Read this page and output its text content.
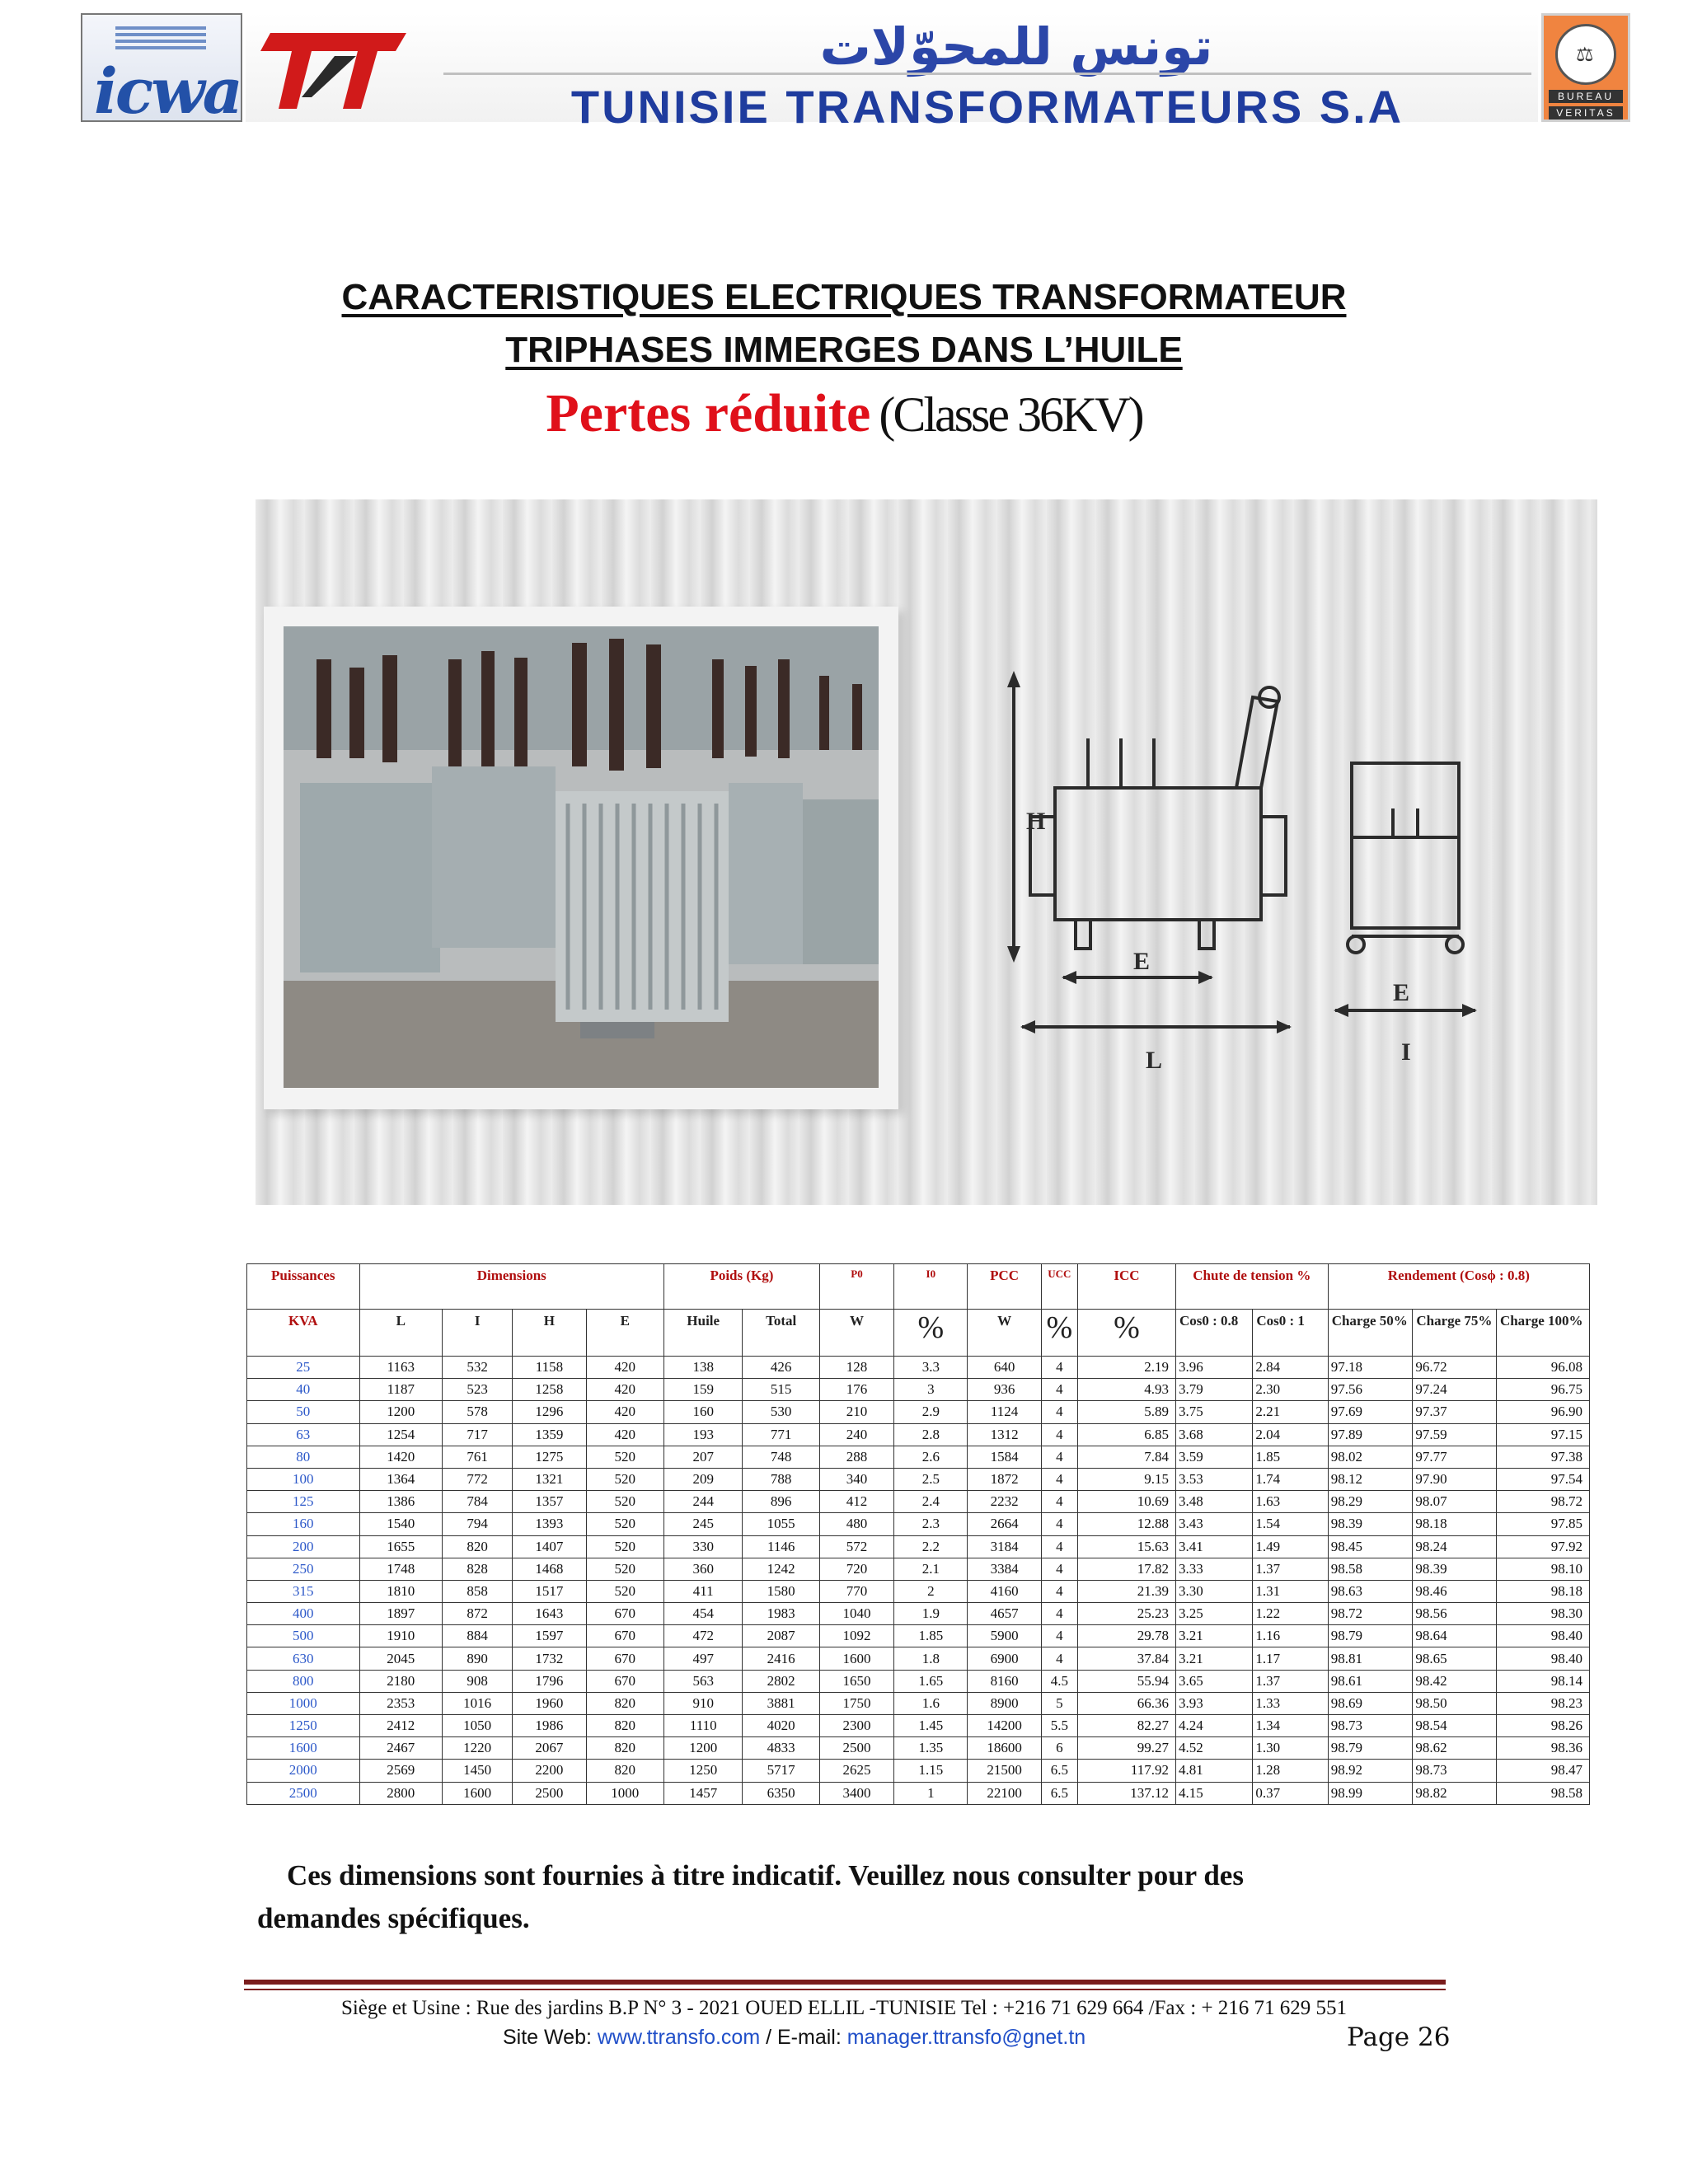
icwa
تونس للمحوّلات
TUNISIE TRANSFORMATEURS S.A
⚖
BUREAU
VERITAS
CARACTERISTIQUES ELECTRIQUES TRANSFORMATEUR
TRIPHASES IMMERGES DANS L’HUILE
Pertes réduite (Classe 36KV)
H
E
L
E
I
Puissances	Dimensions				Poids (Kg)		P0	I0	PCC	UCC	ICC	Chute de tension %		Rendement (Cosϕ : 0.8)		
KVA	L	I	H	E	Huile	Total	W	%	W	%	%	Cos0 : 0.8	Cos0 : 1	Charge 50%	Charge 75%	Charge 100%
25	1163	532	1158	420	138	426	128	3.3	640	4	2.19	3.96	2.84	97.18	96.72	96.08
40	1187	523	1258	420	159	515	176	3	936	4	4.93	3.79	2.30	97.56	97.24	96.75
50	1200	578	1296	420	160	530	210	2.9	1124	4	5.89	3.75	2.21	97.69	97.37	96.90
63	1254	717	1359	420	193	771	240	2.8	1312	4	6.85	3.68	2.04	97.89	97.59	97.15
80	1420	761	1275	520	207	748	288	2.6	1584	4	7.84	3.59	1.85	98.02	97.77	97.38
100	1364	772	1321	520	209	788	340	2.5	1872	4	9.15	3.53	1.74	98.12	97.90	97.54
125	1386	784	1357	520	244	896	412	2.4	2232	4	10.69	3.48	1.63	98.29	98.07	98.72
160	1540	794	1393	520	245	1055	480	2.3	2664	4	12.88	3.43	1.54	98.39	98.18	97.85
200	1655	820	1407	520	330	1146	572	2.2	3184	4	15.63	3.41	1.49	98.45	98.24	97.92
250	1748	828	1468	520	360	1242	720	2.1	3384	4	17.82	3.33	1.37	98.58	98.39	98.10
315	1810	858	1517	520	411	1580	770	2	4160	4	21.39	3.30	1.31	98.63	98.46	98.18
400	1897	872	1643	670	454	1983	1040	1.9	4657	4	25.23	3.25	1.22	98.72	98.56	98.30
500	1910	884	1597	670	472	2087	1092	1.85	5900	4	29.78	3.21	1.16	98.79	98.64	98.40
630	2045	890	1732	670	497	2416	1600	1.8	6900	4	37.84	3.21	1.17	98.81	98.65	98.40
800	2180	908	1796	670	563	2802	1650	1.65	8160	4.5	55.94	3.65	1.37	98.61	98.42	98.14
1000	2353	1016	1960	820	910	3881	1750	1.6	8900	5	66.36	3.93	1.33	98.69	98.50	98.23
1250	2412	1050	1986	820	1110	4020	2300	1.45	14200	5.5	82.27	4.24	1.34	98.73	98.54	98.26
1600	2467	1220	2067	820	1200	4833	2500	1.35	18600	6	99.27	4.52	1.30	98.79	98.62	98.36
2000	2569	1450	2200	820	1250	5717	2625	1.15	21500	6.5	117.92	4.81	1.28	98.92	98.73	98.47
2500	2800	1600	2500	1000	1457	6350	3400	1	22100	6.5	137.12	4.15	0.37	98.99	98.82	98.58
Ces dimensions sont fournies à titre indicatif. Veuillez nous consulter pour des
demandes spécifiques.
Siège et Usine : Rue des jardins B.P N° 3 - 2021 OUED ELLIL -TUNISIE Tel : +216 71 629 664 /Fax : + 216 71 629 551
Site Web: www.ttransfo.com / E-mail: manager.ttransfo@gnet.tn	Page 26
